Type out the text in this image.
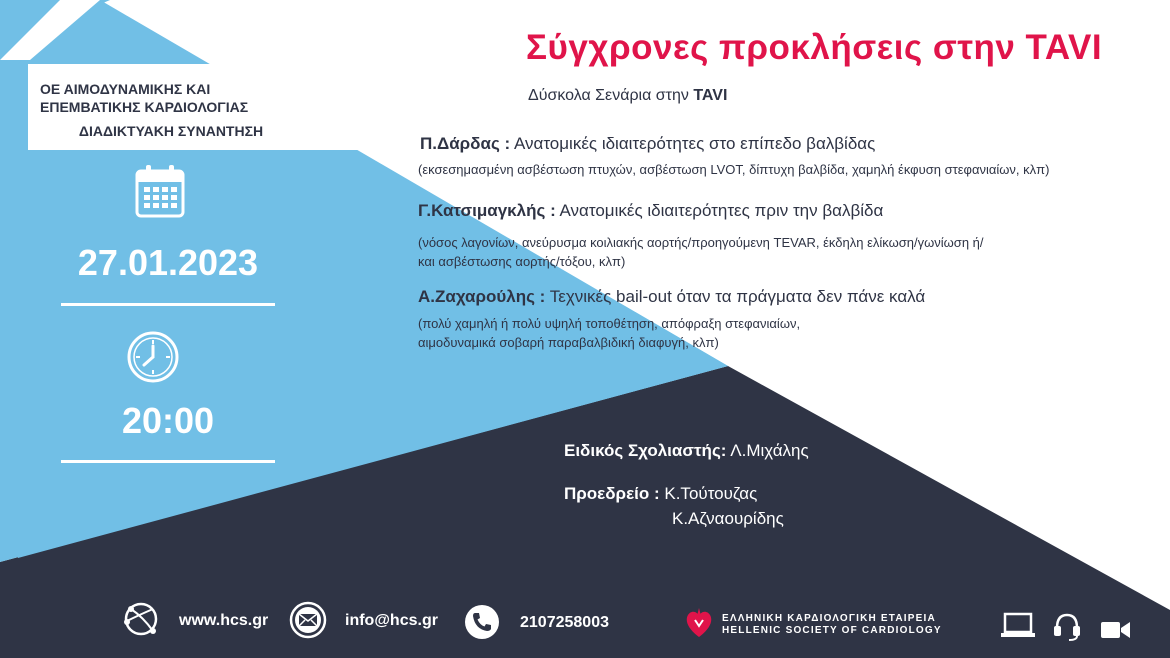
ΟΕ ΑΙΜΟΔΥΝΑΜΙΚΗΣ ΚΑΙ
ΕΠΕΜΒΑΤΙΚΗΣ ΚΑΡΔΙΟΛΟΓΙΑΣ
ΔΙΑΔΙΚΤΥΑΚΗ ΣΥΝΑΝΤΗΣΗ
27.01.2023
20:00
Σύγχρονες προκλήσεις στην TAVI
Δύσκολα Σενάρια στην TAVI
Π.Δάρδας : Ανατομικές ιδιαιτερότητες στο επίπεδο βαλβίδας
(εκσεσημασμένη ασβέστωση πτυχών, ασβέστωση LVOT, δίπτυχη βαλβίδα, χαμηλή έκφυση στεφανιαίων, κλπ)
Γ.Κατσιμαγκλής : Ανατομικές ιδιαιτερότητες πριν την βαλβίδα
(νόσος λαγονίων, ανεύρυσμα κοιλιακής αορτής/προηγούμενη TEVAR, έκδηλη ελίκωση/γωνίωση ή/
και ασβέστωσης αορτής/τόξου, κλπ)
Α.Ζαχαρούλης : Τεχνικές bail-out όταν τα πράγματα δεν πάνε καλά
(πολύ χαμηλή ή πολύ υψηλή τοποθέτηση, απόφραξη στεφανιαίων,
αιμοδυναμικά σοβαρή παραβαλβιδική διαφυγή, κλπ)
Ειδικός Σχολιαστής: Λ.Μιχάλης
Προεδρείο : Κ.Τούτουζας
Κ.Αζναουρίδης
www.hcs.gr	info@hcs.gr	2107258003	ΕΛΛΗΝΙΚΗ ΚΑΡΔΙΟΛΟΓΙΚΗ ΕΤΑΙΡΕΙΑ
HELLENIC SOCIETY OF CARDIOLOGY
